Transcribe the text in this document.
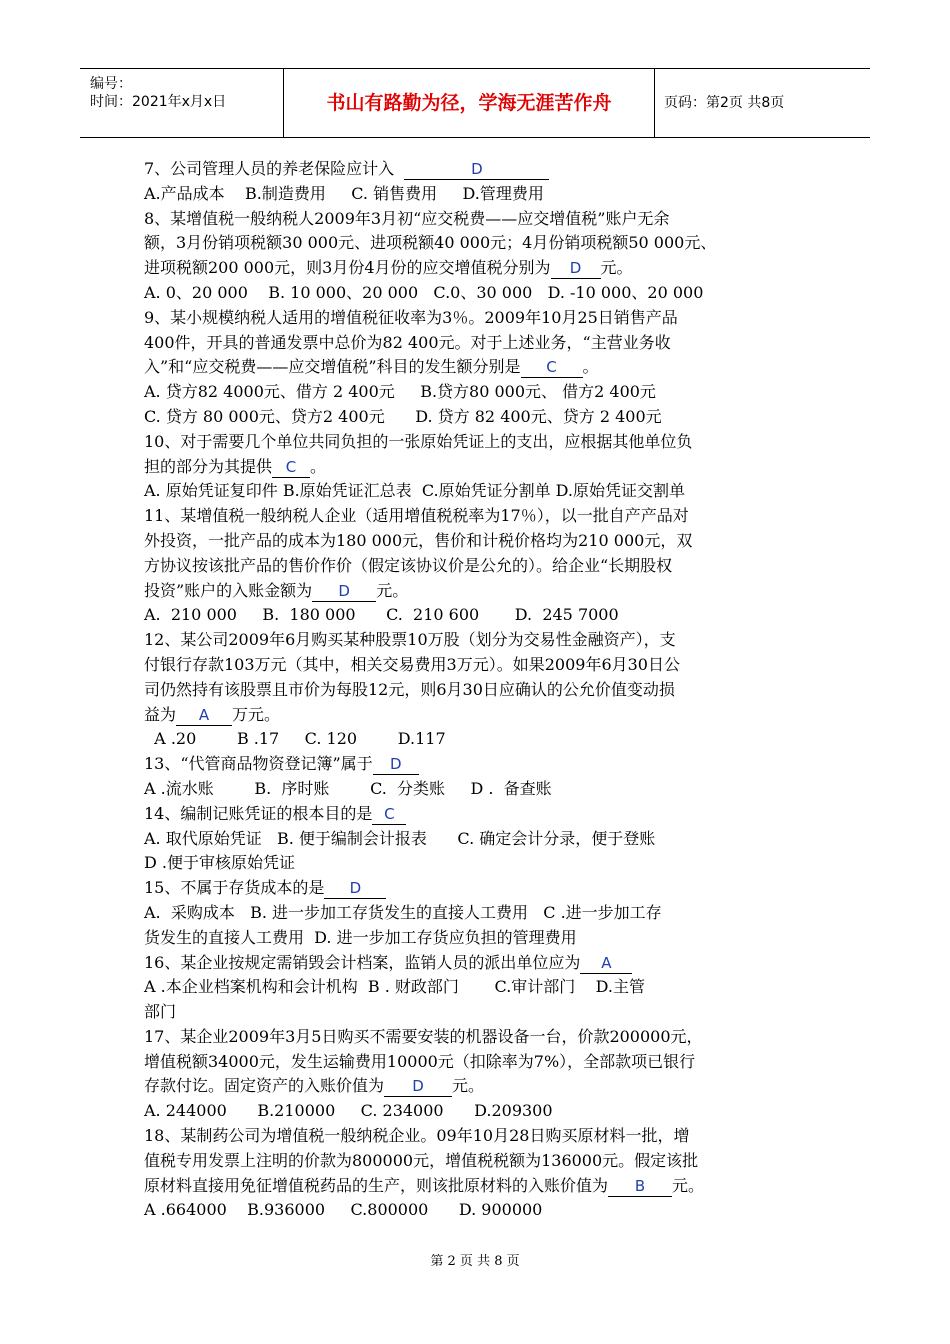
编号：
时间：2021年x月x日	书山有路勤为径，学海无涯苦作舟	页码：第2页 共8页
7、公司管理人员的养老保险应计入	D
A.产品成本    B.制造费用     C. 销售费用     D.管理费用
8、某增值税一般纳税人2009年3月初“应交税费——应交增值税”账户无余
额，3月份销项税额30 000元、进项税额40 000元；4月份销项税额50 000元、
进项税额200 000元，则3月份4月份的应交增值税分别为 D 元。
A. 0、20 000    B. 10 000、20 000   C.0、30 000   D. -10 000、20 000
9、某小规模纳税人适用的增值税征收率为3％。2009年10月25日销售产品
400件，开具的普通发票中总价为82 400元。对于上述业务，“主营业务收
入”和“应交税费——应交增值税”科目的发生额分别是 C 。
A. 贷方82 4000元、借方 2 400元     B.贷方80 000元、 借方2 400元
C. 贷方 80 000元、贷方2 400元      D. 贷方 82 400元、贷方 2 400元
10、对于需要几个单位共同负担的一张原始凭证上的支出，应根据其他单位负
担的部分为其提供 C 。
A. 原始凭证复印件 B.原始凭证汇总表  C.原始凭证分割单 D.原始凭证交割单
11、某增值税一般纳税人企业（适用增值税税率为17％），以一批自产产品对
外投资，一批产品的成本为180 000元，售价和计税价格均为210 000元，双
方协议按该批产品的售价作价（假定该协议价是公允的）。给企业“长期股权
投资”账户的入账金额为 D 元。
A.  210 000     B.  180 000      C.  210 600       D.  245 7000
12、某公司2009年6月购买某种股票10万股（划分为交易性金融资产），支
付银行存款103万元（其中，相关交易费用3万元）。如果2009年6月30日公
司仍然持有该股票且市价为每股12元，则6月30日应确认的公允价值变动损
益为 A 万元。
A .20        B .17     C. 120        D.117
13、“代管商品物资登记簿”属于 D
A .流水账        B.  序时账        C.  分类账     D .  备查账
14、编制记账凭证的根本目的是 C
A. 取代原始凭证   B. 便于编制会计报表      C. 确定会计分录，便于登账
D .便于审核原始凭证
15、不属于存货成本的是 D
A.  采购成本   B. 进一步加工存货发生的直接人工费用   C .进一步加工存
货发生的直接人工费用  D. 进一步加工存货应负担的管理费用
16、某企业按规定需销毁会计档案，监销人员的派出单位应为 A
A .本企业档案机构和会计机构  B . 财政部门       C.审计部门    D.主管
部门
17、某企业2009年3月5日购买不需要安装的机器设备一台，价款200000元，
增值税额34000元，发生运输费用10000元（扣除率为7%），全部款项已银行
存款付讫。固定资产的入账价值为 D 元。
A. 244000      B.210000     C. 234000      D.209300
18、某制药公司为增值税一般纳税企业。09年10月28日购买原材料一批，增
值税专用发票上注明的价款为800000元，增值税税额为136000元。假定该批
原材料直接用免征增值税药品的生产，则该批原材料的入账价值为 B 元。
A .664000    B.936000     C.800000      D. 900000
第 2 页 共 8 页
